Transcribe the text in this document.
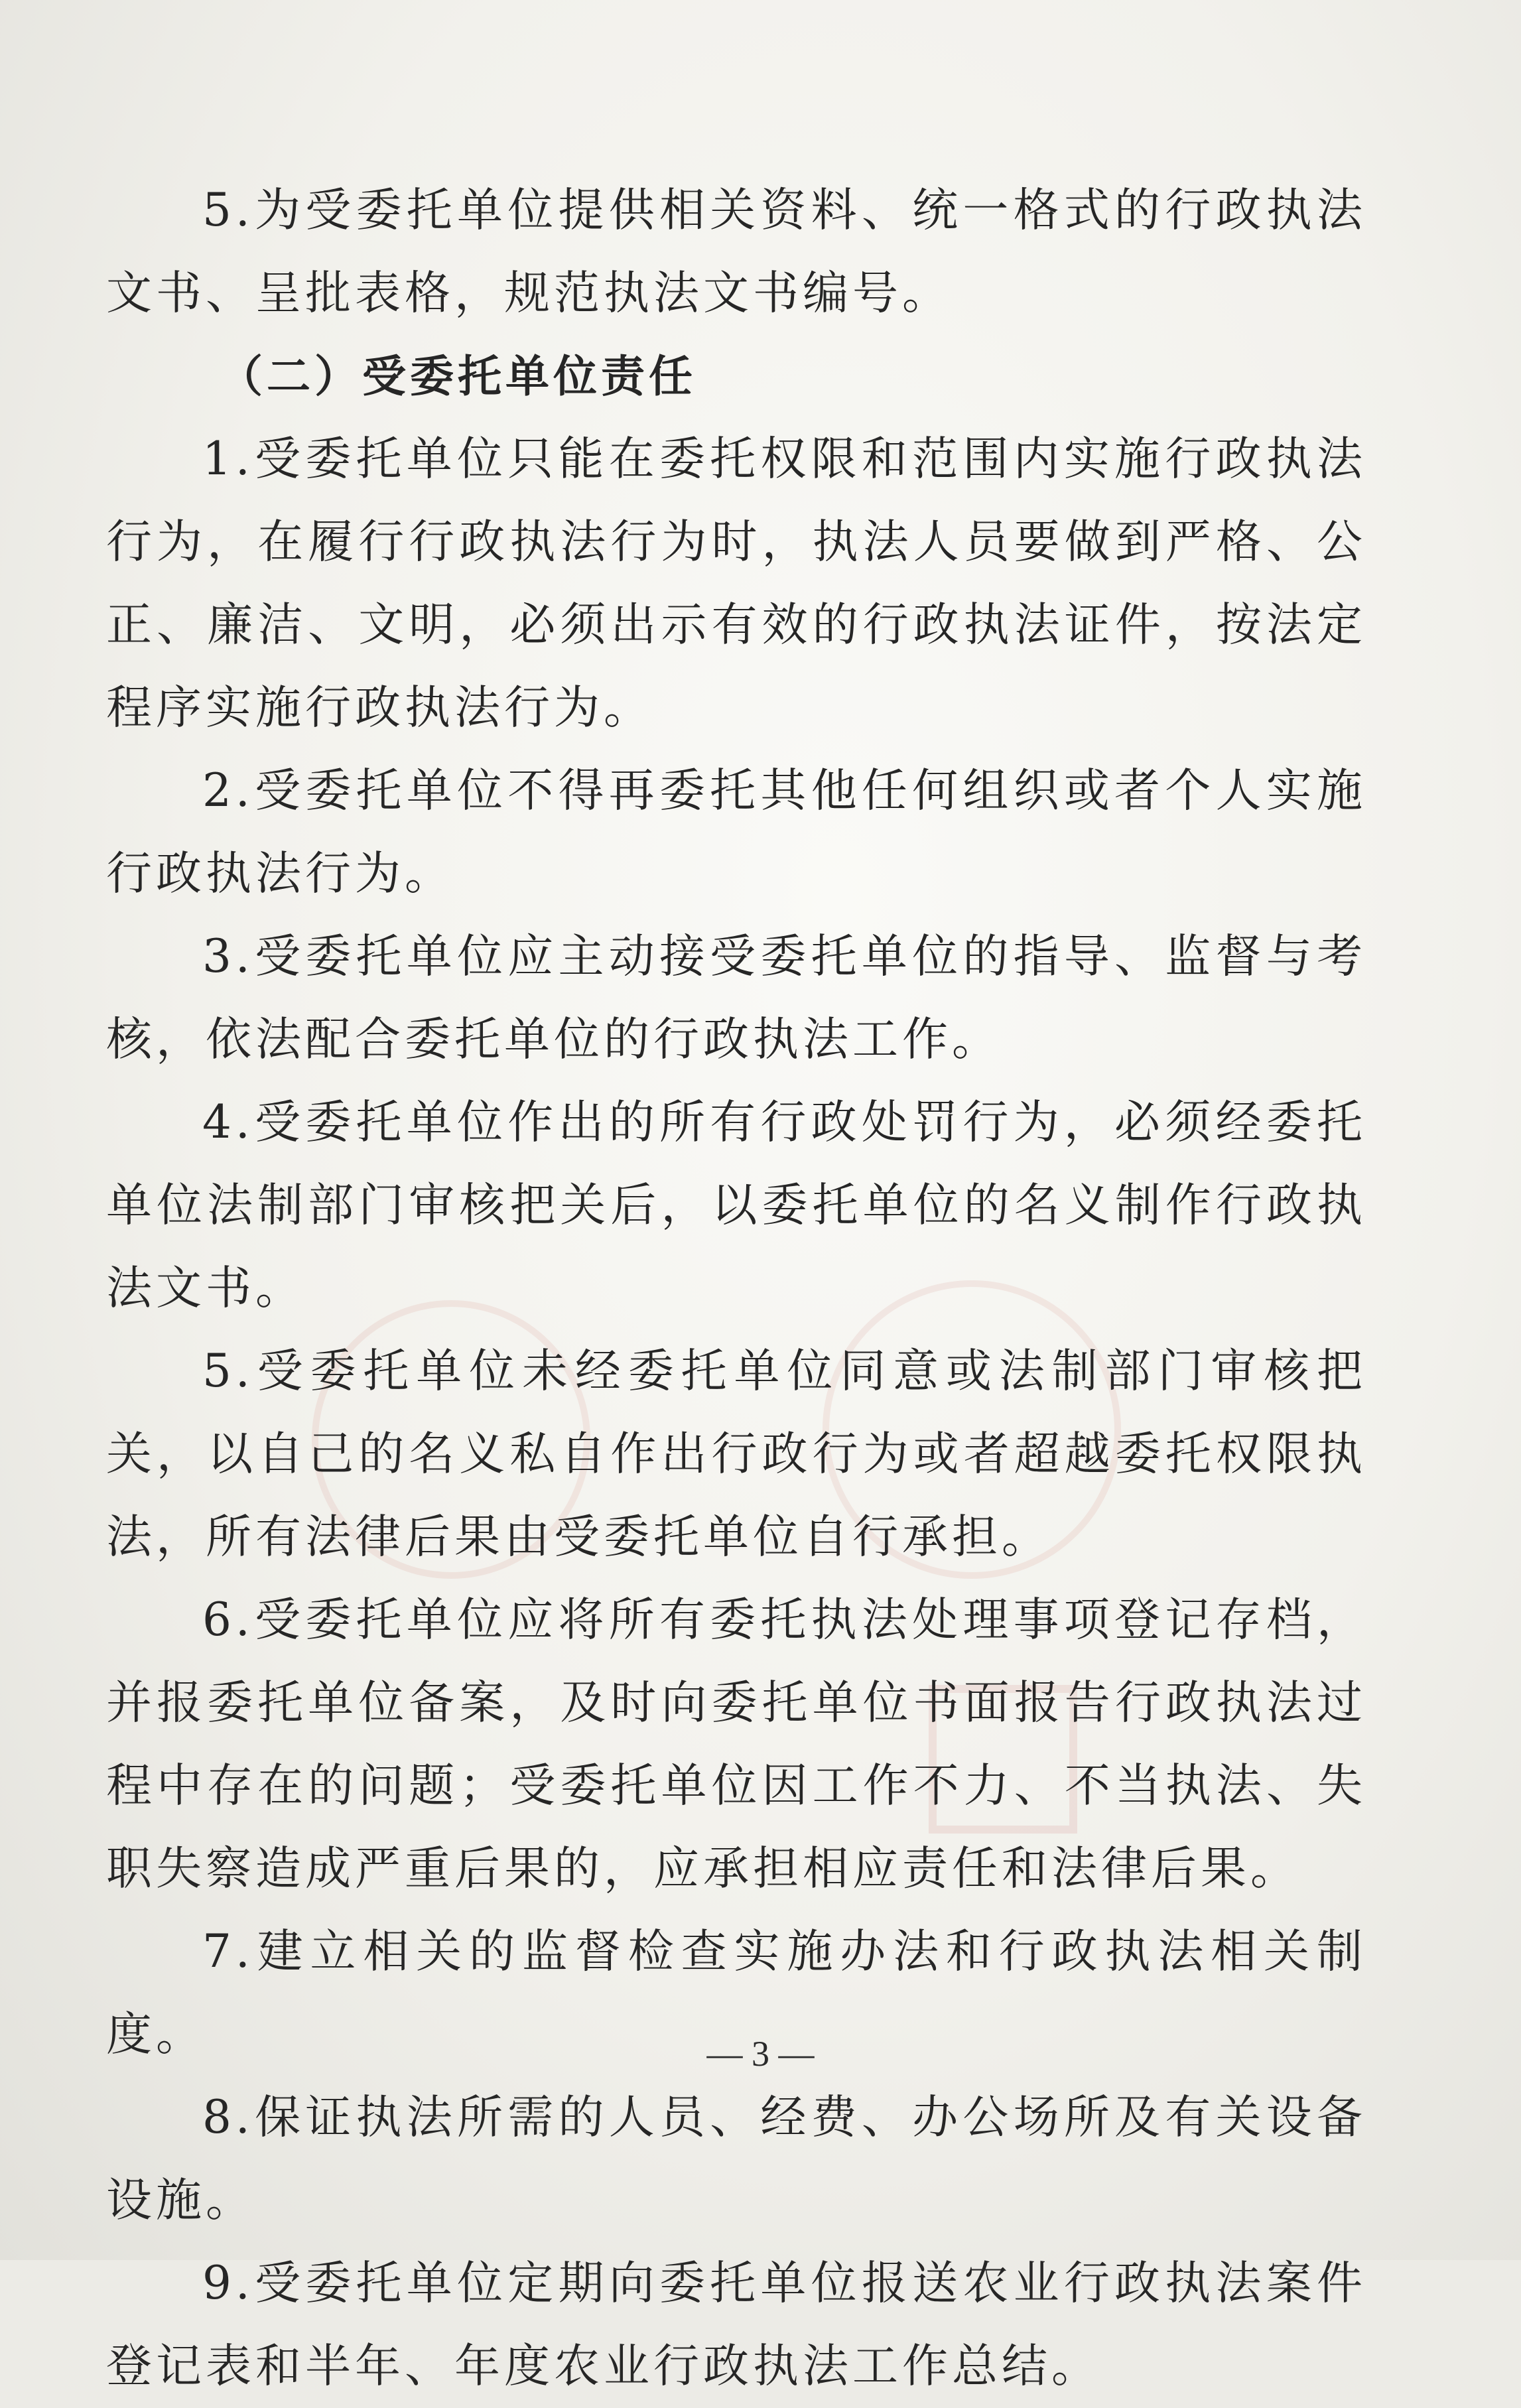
5.为受委托单位提供相关资料、统一格式的行政执法文书、呈批表格，规范执法文书编号。

（二）受委托单位责任

1.受委托单位只能在委托权限和范围内实施行政执法行为，在履行行政执法行为时，执法人员要做到严格、公正、廉洁、文明，必须出示有效的行政执法证件，按法定程序实施行政执法行为。

2.受委托单位不得再委托其他任何组织或者个人实施行政执法行为。

3.受委托单位应主动接受委托单位的指导、监督与考核，依法配合委托单位的行政执法工作。

4.受委托单位作出的所有行政处罚行为，必须经委托单位法制部门审核把关后，以委托单位的名义制作行政执法文书。

5.受委托单位未经委托单位同意或法制部门审核把关，以自己的名义私自作出行政行为或者超越委托权限执法，所有法律后果由受委托单位自行承担。

6.受委托单位应将所有委托执法处理事项登记存档，并报委托单位备案，及时向委托单位书面报告行政执法过程中存在的问题；受委托单位因工作不力、不当执法、失职失察造成严重后果的，应承担相应责任和法律后果。

7.建立相关的监督检查实施办法和行政执法相关制度。

8.保证执法所需的人员、经费、办公场所及有关设备设施。

9.受委托单位定期向委托单位报送农业行政执法案件登记表和半年、年度农业行政执法工作总结。

— 3 —
